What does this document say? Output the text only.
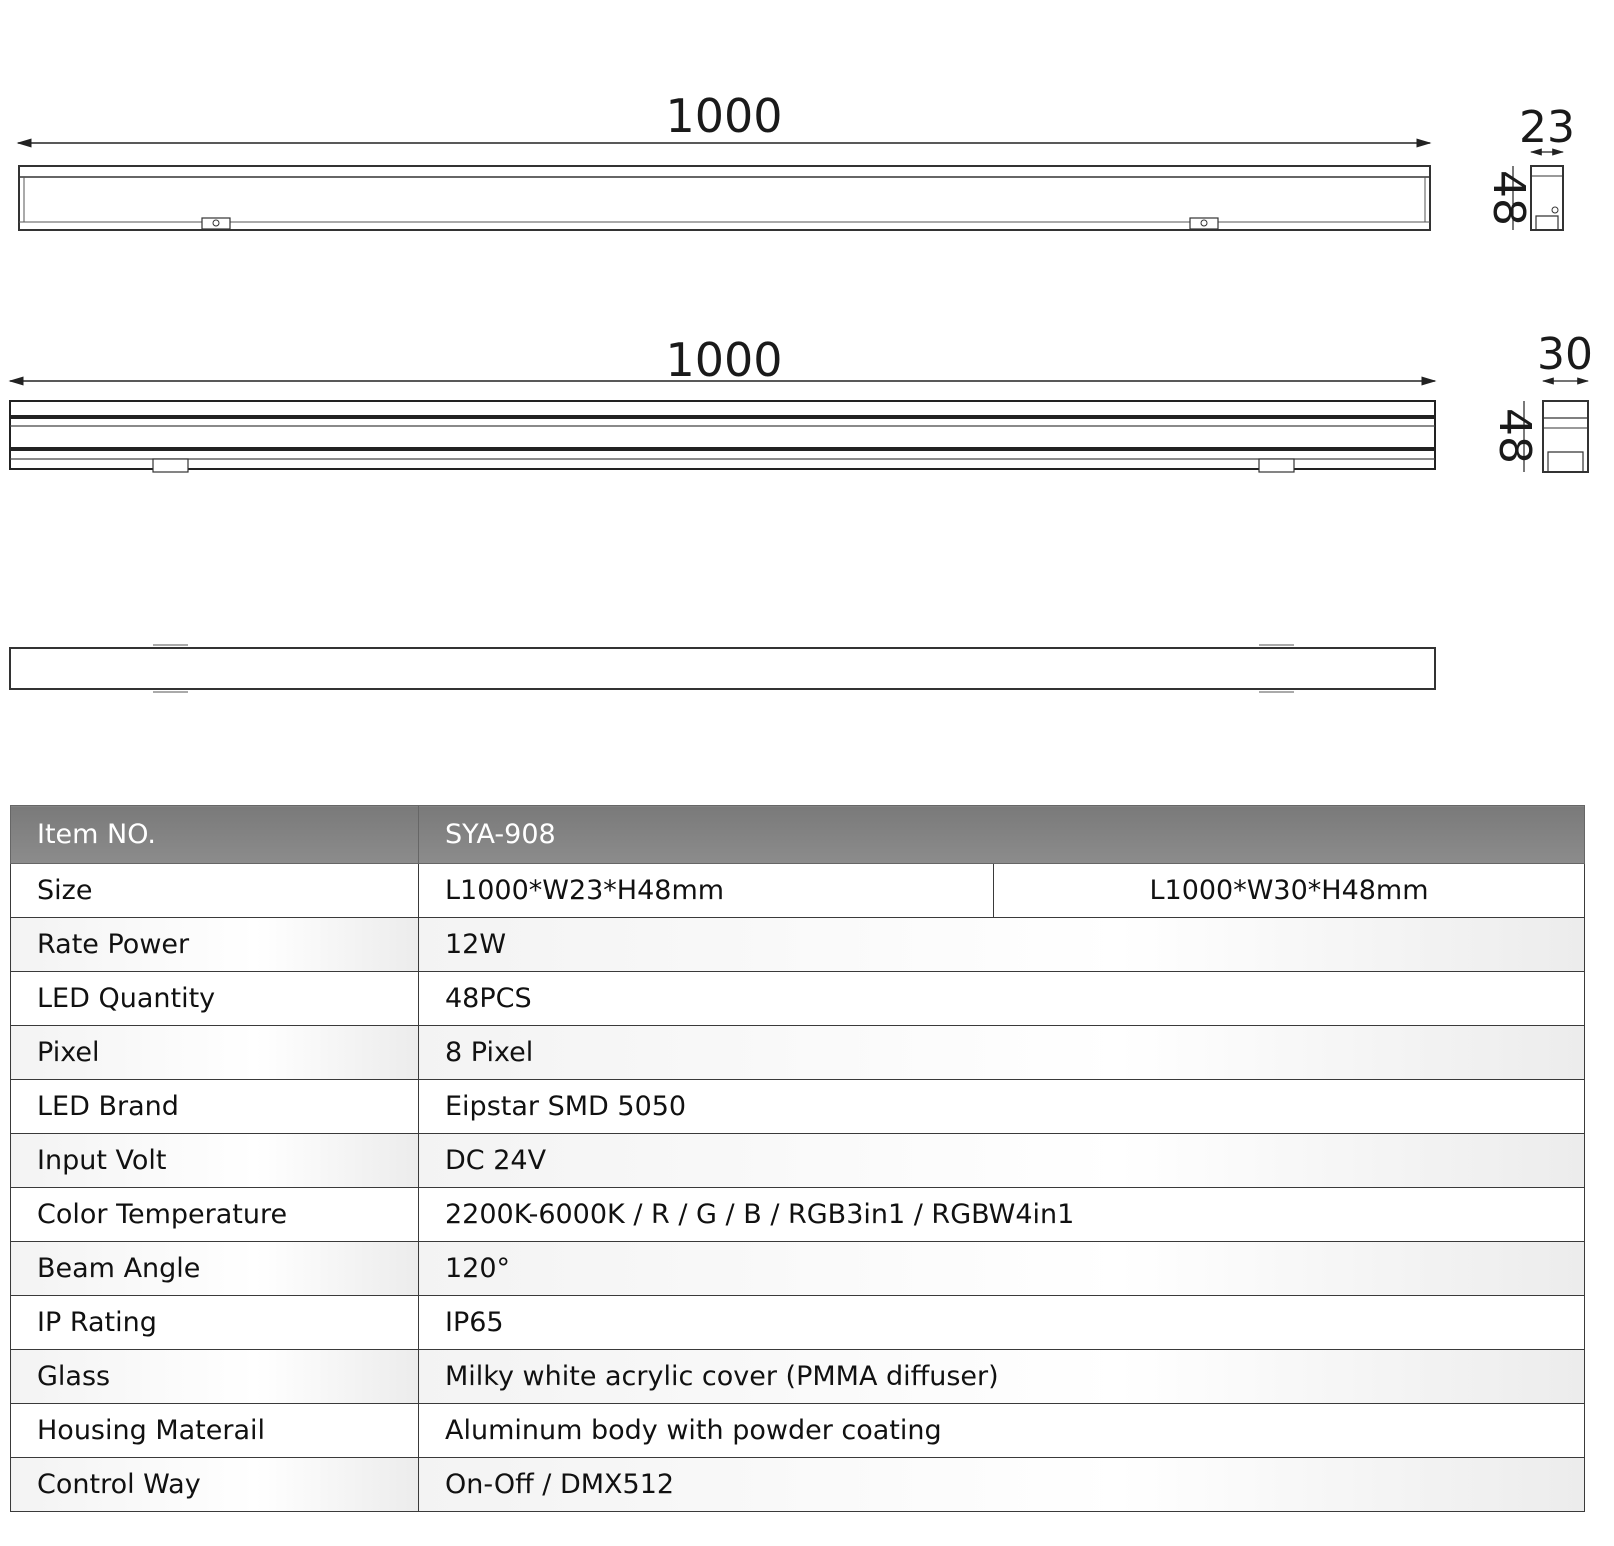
1000	23
48
1000	30
48
Item NO.	SYA-908	
Size	L1000*W23*H48mm	L1000*W30*H48mm
Rate Power	12W	
LED Quantity	48PCS	
Pixel	8 Pixel	
LED Brand	Eipstar SMD 5050	
Input Volt	DC 24V	
Color Temperature	2200K-6000K / R / G / B / RGB3in1 / RGBW4in1	
Beam Angle	120°	
IP Rating	IP65	
Glass	Milky white acrylic cover (PMMA diffuser)	
Housing Materail	Aluminum body with powder coating	
Control Way	On-Off / DMX512	
